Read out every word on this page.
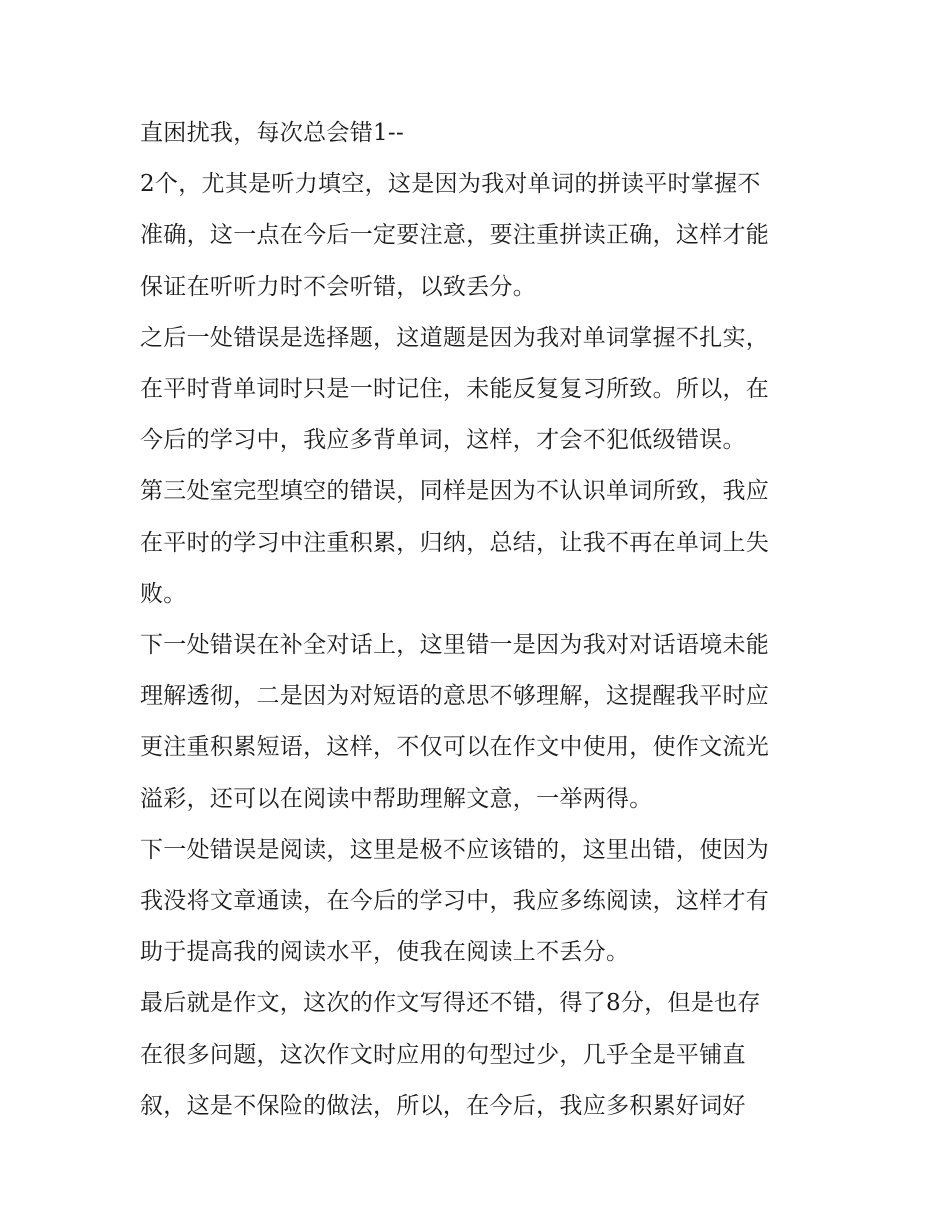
直困扰我，每次总会错1--

2个，尤其是听力填空，这是因为我对单词的拼读平时掌握不

准确，这一点在今后一定要注意，要注重拼读正确，这样才能

保证在听听力时不会听错，以致丢分。

之后一处错误是选择题，这道题是因为我对单词掌握不扎实，

在平时背单词时只是一时记住，未能反复复习所致。所以，在

今后的学习中，我应多背单词，这样，才会不犯低级错误。

第三处室完型填空的错误，同样是因为不认识单词所致，我应

在平时的学习中注重积累，归纳，总结，让我不再在单词上失

败。

下一处错误在补全对话上，这里错一是因为我对对话语境未能

理解透彻，二是因为对短语的意思不够理解，这提醒我平时应

更注重积累短语，这样，不仅可以在作文中使用，使作文流光

溢彩，还可以在阅读中帮助理解文意，一举两得。

下一处错误是阅读，这里是极不应该错的，这里出错，使因为

我没将文章通读，在今后的学习中，我应多练阅读，这样才有

助于提高我的阅读水平，使我在阅读上不丢分。

最后就是作文，这次的作文写得还不错，得了8分，但是也存

在很多问题，这次作文时应用的句型过少，几乎全是平铺直

叙，这是不保险的做法，所以，在今后，我应多积累好词好
